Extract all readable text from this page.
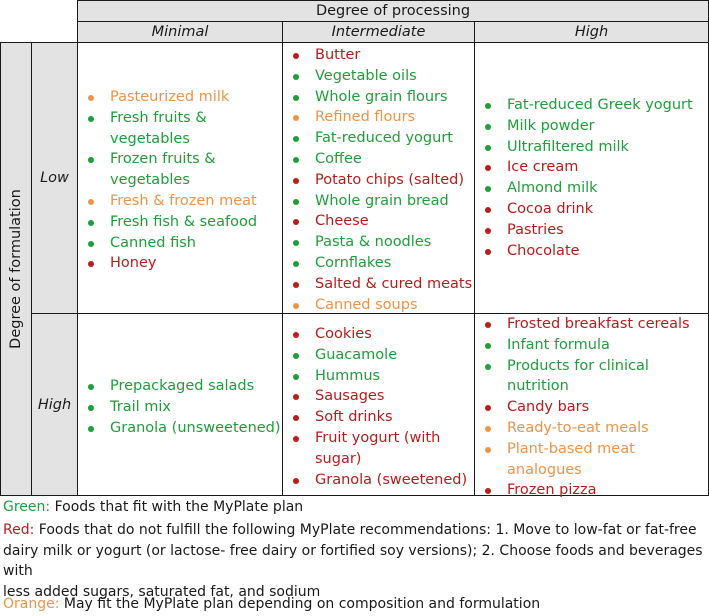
Degree of processing
Minimal	Intermediate	High
Degree of formulation
Low
High
Pasteurized milk
Fresh fruits &
vegetables
Frozen fruits &
vegetables
Fresh & frozen meat
Fresh fish & seafood
Canned fish
Honey
Butter
Vegetable oils
Whole grain flours
Refined flours
Fat-reduced yogurt
Coffee
Potato chips (salted)
Whole grain bread
Cheese
Pasta & noodles
Cornflakes
Salted & cured meats
Canned soups
Fat-reduced Greek yogurt
Milk powder
Ultrafiltered milk
Ice cream
Almond milk
Cocoa drink
Pastries
Chocolate
Prepackaged salads
Trail mix
Granola (unsweetened)
Cookies
Guacamole
Hummus
Sausages
Soft drinks
Fruit yogurt (with
sugar)
Granola (sweetened)
Frosted breakfast cereals
Infant formula
Products for clinical
nutrition
Candy bars
Ready-to-eat meals
Plant-based meat
analogues
Frozen pizza
Green: Foods that fit with the MyPlate plan
Red: Foods that do not fulfill the following MyPlate recommendations: 1. Move to low-fat or fat-free
dairy milk or yogurt (or lactose- free dairy or fortified soy versions); 2. Choose foods and beverages with
less added sugars, saturated fat, and sodium
Orange: May fit the MyPlate plan depending on composition and formulation
